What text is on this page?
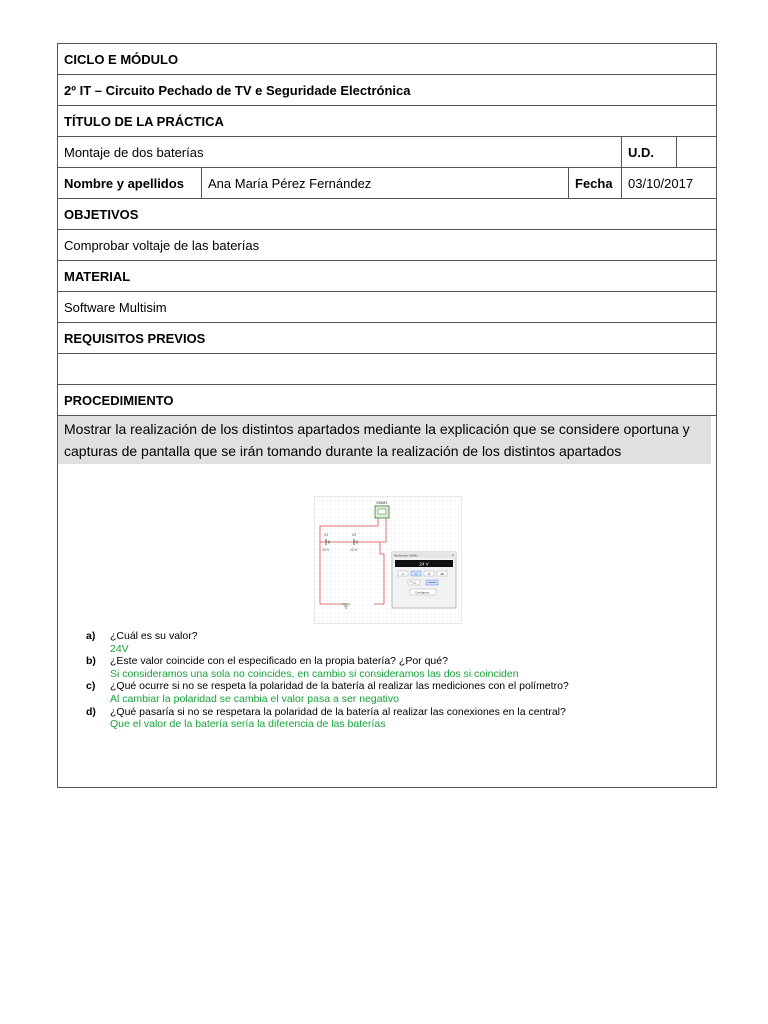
CICLO E MÓDULO
2º IT – Circuito Pechado de TV e Seguridade Electrónica
TÍTULO DE LA PRÁCTICA
Montaje de dos baterías	U.D.
Nombre y apellidos	Ana María Pérez Fernández	Fecha	03/10/2017
OBJETIVOS
Comprobar voltaje de las baterías
MATERIAL
Software Multisim
REQUISITOS PREVIOS
PROCEDIMIENTO
Mostrar la realización de los distintos apartados mediante la explicación que se considere oportuna y capturas de pantalla que se irán tomando durante la realización de los distintos apartados
XMM1
V1
12 V
V2
12 V
Multímetro-XMM1	×
24 V
A	V	Ω	dB
Configurar...
a)	¿Cuál es su valor?
24V
b)	¿Este valor coincide con el especificado en la propia batería? ¿Por qué?
Si consideramos una sola no coincides, en cambio si consideramos las dos si coinciden
c)	¿Qué ocurre si no se respeta la polaridad de la batería al realizar las mediciones con el polímetro?
Al cambiar la polaridad se cambia el valor pasa a ser negativo
d)	¿Qué pasaría si no se respetara la polaridad de la batería al realizar las conexiones en la central?
Que el valor de la batería sería la diferencia de las baterías
